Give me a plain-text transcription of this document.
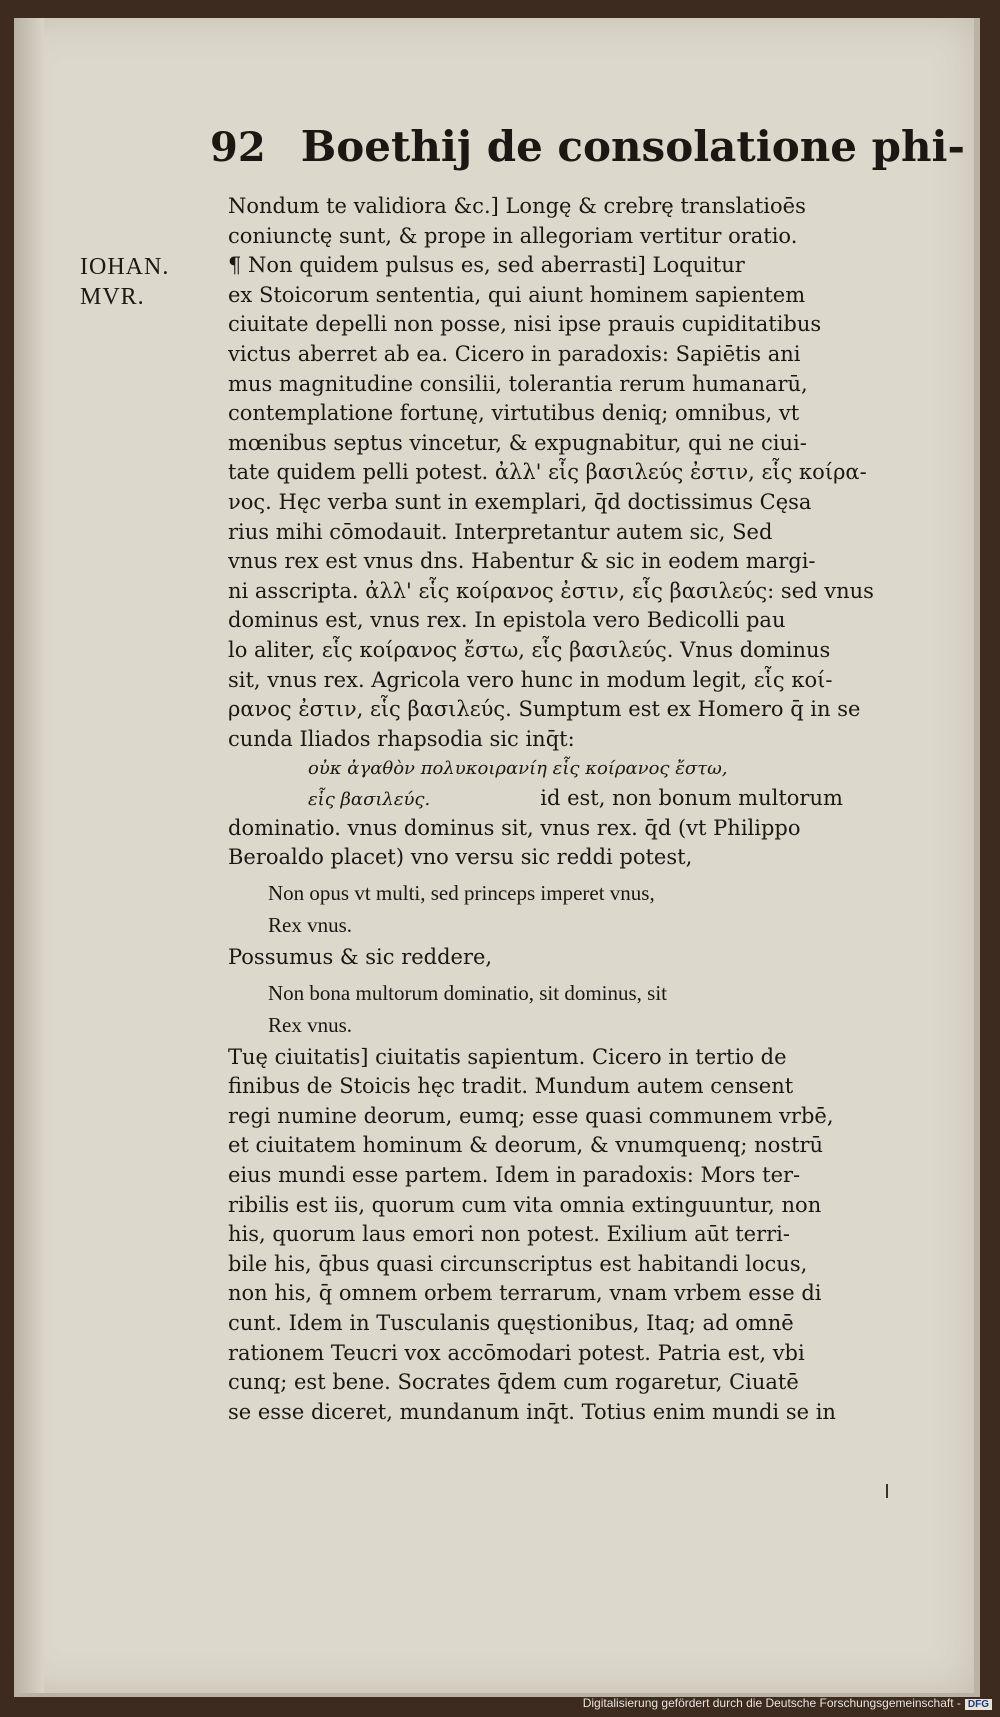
92 Boethij de consolatione phi-
IOHAN.
MVR.
Nondum te validiora &c.] Longę & crebrę translatioēs
coniunctę sunt, & prope in allegoriam vertitur oratio.
¶ Non quidem pulsus es, sed aberrasti] Loquitur
ex Stoicorum sententia, qui aiunt hominem sapientem
ciuitate depelli non posse, nisi ipse prauis cupiditatibus
victus aberret ab ea. Cicero in paradoxis: Sapiētis ani
mus magnitudine consilii, tolerantia rerum humanarū,
contemplatione fortunę, virtutibus deniq; omnibus, vt
mœnibus septus vincetur, & expugnabitur, qui ne ciui-
tate quidem pelli potest. ἀλλ' εἷς βασιλεύς ἐστιν, εἷς κοίρα-
νος. Hęc verba sunt in exemplari, q̄d doctissimus Cęsa
rius mihi cōmodauit. Interpretantur autem sic, Sed
vnus rex est vnus dns. Habentur & sic in eodem margi-
ni asscripta. ἀλλ' εἷς κοίρανος ἐστιν, εἷς βασιλεύς: sed vnus
dominus est, vnus rex. In epistola vero Bedicolli pau
lo aliter, εἷς κοίρανος ἔστω, εἷς βασιλεύς. Vnus dominus
sit, vnus rex. Agricola vero hunc in modum legit, εἷς κοί-
ρανος ἐστιν, εἷς βασιλεύς. Sumptum est ex Homero q̄ in se
cunda Iliados rhapsodia sic inq̄t:
οὐκ ἀγαθὸν πολυκοιρανίη εἷς κοίρανος ἔστω,
εἷς βασιλεύς.	id est, non bonum multorum
dominatio. vnus dominus sit, vnus rex. q̄d (vt Philippo
Beroaldo placet) vno versu sic reddi potest,
Non opus vt multi, sed princeps imperet vnus,
Rex vnus.
Possumus & sic reddere,
Non bona multorum dominatio, sit dominus, sit
Rex vnus.
Tuę ciuitatis] ciuitatis sapientum. Cicero in tertio de
finibus de Stoicis hęc tradit. Mundum autem censent
regi numine deorum, eumq; esse quasi communem vrbē,
et ciuitatem hominum & deorum, & vnumquenq; nostrū
eius mundi esse partem. Idem in paradoxis: Mors ter-
ribilis est iis, quorum cum vita omnia extinguuntur, non
his, quorum laus emori non potest. Exilium aūt terri-
bile his, q̄bus quasi circunscriptus est habitandi locus,
non his, q̄ omnem orbem terrarum, vnam vrbem esse di
cunt. Idem in Tusculanis quęstionibus, Itaq; ad omnē
rationem Teucri vox accōmodari potest. Patria est, vbi
cunq; est bene. Socrates q̄dem cum rogaretur, Ciuatē
se esse diceret, mundanum inq̄t. Totius enim mundi se in
Digitalisierung gefördert durch die Deutsche Forschungsgemeinschaft - DFG
